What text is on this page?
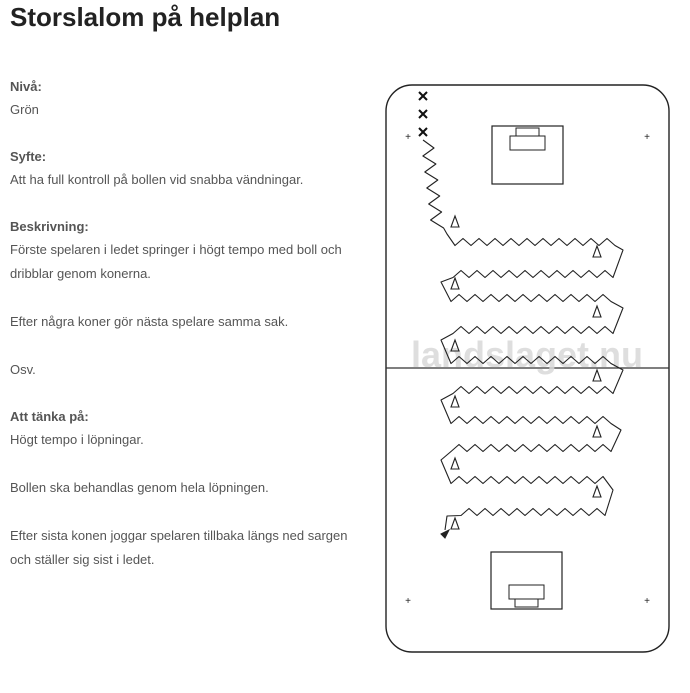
Storslalom på helplan

Nivå:

Grön

Syfte:

Att ha full kontroll på bollen vid snabba vändningar.

Beskrivning:

Förste spelaren i ledet springer i högt tempo med boll och dribblar genom konerna.

Efter några koner gör nästa spelare samma sak.

Osv.

Att tänka på:

Högt tempo i löpningar.

Bollen ska behandlas genom hela löpningen.

Efter sista konen joggar spelaren tillbaka längs ned sargen och ställer sig sist i ledet.

landslaget.nu
+	+
+	+
